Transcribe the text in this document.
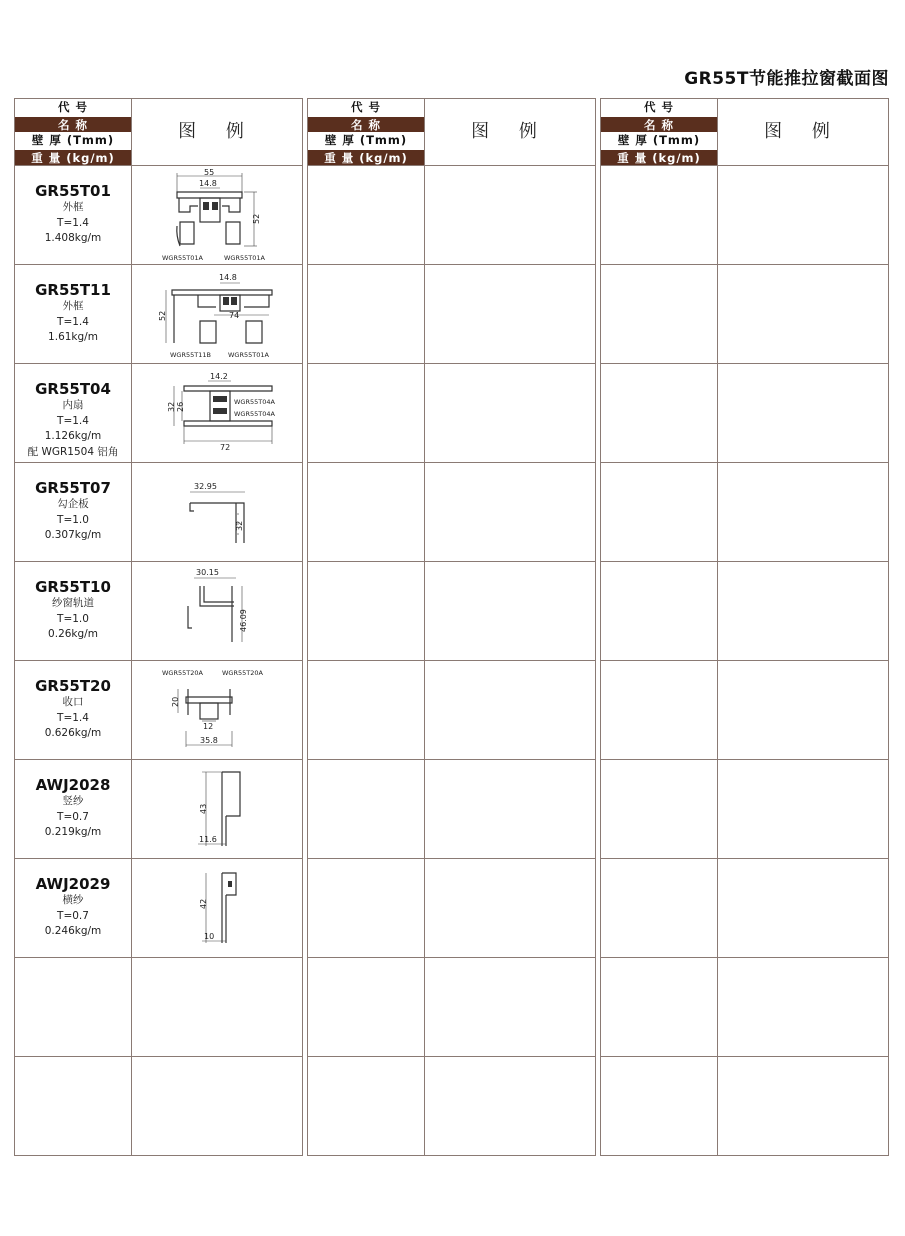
GR55T节能推拉窗截面图
代 号
名 称
壁 厚 (Tmm)
重 量 (kg/m)
图 例
GR55T01
外框
T=1.4
1.408kg/m
55
14.8
52
WGR55T01A	WGR55T01A
GR55T11
外框
T=1.4
1.61kg/m
14.8
74
52
WGR55T11B	WGR55T01A
GR55T04
内扇
T=1.4
1.126kg/m
配 WGR1504 铝角
14.2
32 26	WGR55T04A
WGR55T04A
72
GR55T07
勾企板
T=1.0
0.307kg/m
32.95
32
GR55T10
纱窗轨道
T=1.0
0.26kg/m
30.15
46.09
GR55T20
收口
T=1.4
0.626kg/m
WGR55T20A	WGR55T20A
20
12
35.8
AWJ2028
竖纱
T=0.7
0.219kg/m
43
11.6
AWJ2029
横纱
T=0.7
0.246kg/m
42
10
代 号
名 称
壁 厚 (Tmm)
重 量 (kg/m)
图 例
代 号
名 称
壁 厚 (Tmm)
重 量 (kg/m)
图 例
